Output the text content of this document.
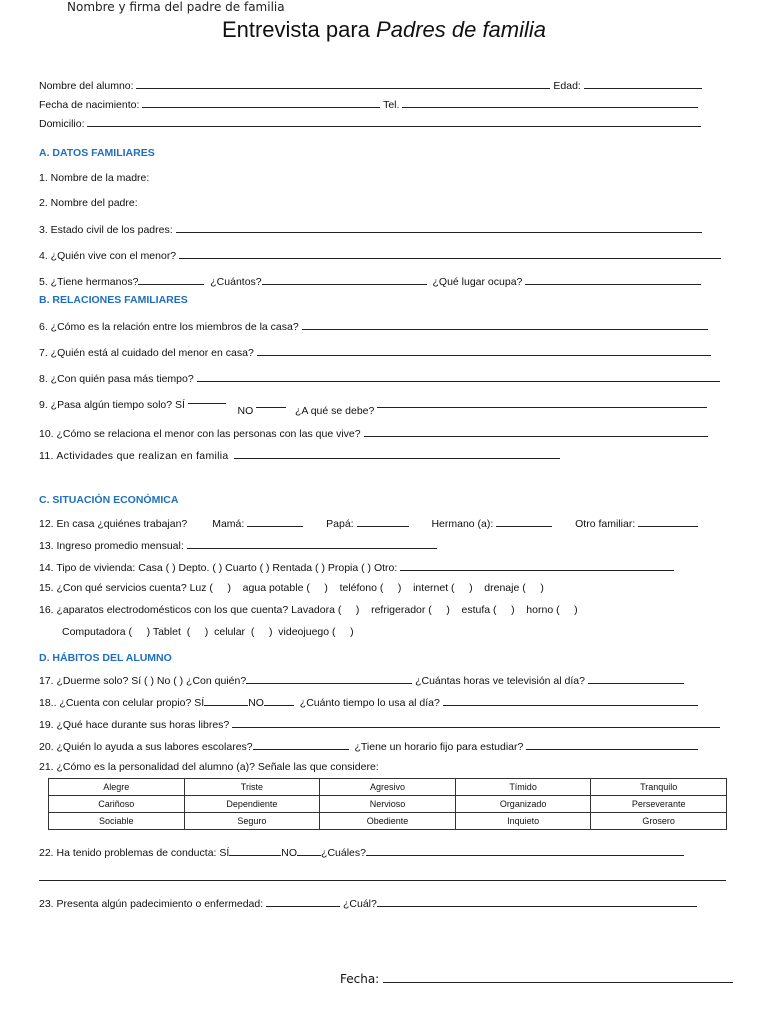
Nombre y firma del padre de familia
Entrevista para Padres de familia
Nombre del alumno:	Edad:
Fecha de nacimiento:	Tel.
Domicilio:
A. DATOS FAMILIARES
1. Nombre de la madre:
2. Nombre del padre:
3. Estado civil de los padres:
4. ¿Quién vive con el menor?
5. ¿Tiene hermanos?	¿Cuántos?	¿Qué lugar ocupa?
B. RELACIONES FAMILIARES
6. ¿Cómo es la relación entre los miembros de la casa?
7. ¿Quién está al cuidado del menor en casa?
8. ¿Con quién pasa más tiempo?
9. ¿Pasa algún tiempo solo? SÍ	NO	¿A qué se debe?
10. ¿Cómo se relaciona el menor con las personas con las que vive?
11. Actividades que realizan en familia
C. SITUACIÓN ECONÓMICA
12. En casa ¿quiénes trabajan? Mamá:	Papá:	Hermano (a):	Otro familiar:
13. Ingreso promedio mensual:
14. Tipo de vivienda: Casa ( ) Depto. ( ) Cuarto ( ) Rentada ( ) Propia ( ) Otro:
15. ¿Con qué servicios cuenta? Luz (     )    agua potable (     )    teléfono (     )    internet (     )    drenaje (     )
16. ¿aparatos electrodomésticos con los que cuenta? Lavadora (     )    refrigerador (     )    estufa (     )    horno (     )
Computadora (     ) Tablet  (     )  celular  (     )  videojuego (     )
D. HÁBITOS DEL ALUMNO
17. ¿Duerme solo? Sí ( ) No ( ) ¿Con quién?	¿Cuántas horas ve televisión al día?
18.. ¿Cuenta con celular propio? SÍ	NO	¿Cuánto tiempo lo usa al día?
19. ¿Qué hace durante sus horas libres?
20. ¿Quién lo ayuda a sus labores escolares?	¿Tiene un horario fijo para estudiar?
21. ¿Cómo es la personalidad del alumno (a)? Señale las que considere:
Alegre	Triste	Agresivo	Tímido	Tranquilo
Cariñoso	Dependiente	Nervioso	Organizado	Perseverante
Sociable	Seguro	Obediente	Inquieto	Grosero
22. Ha tenido problemas de conducta: SÍ	NO ¿Cuáles?
23. Presenta algún padecimiento o enfermedad:	¿Cuál?
Fecha:
